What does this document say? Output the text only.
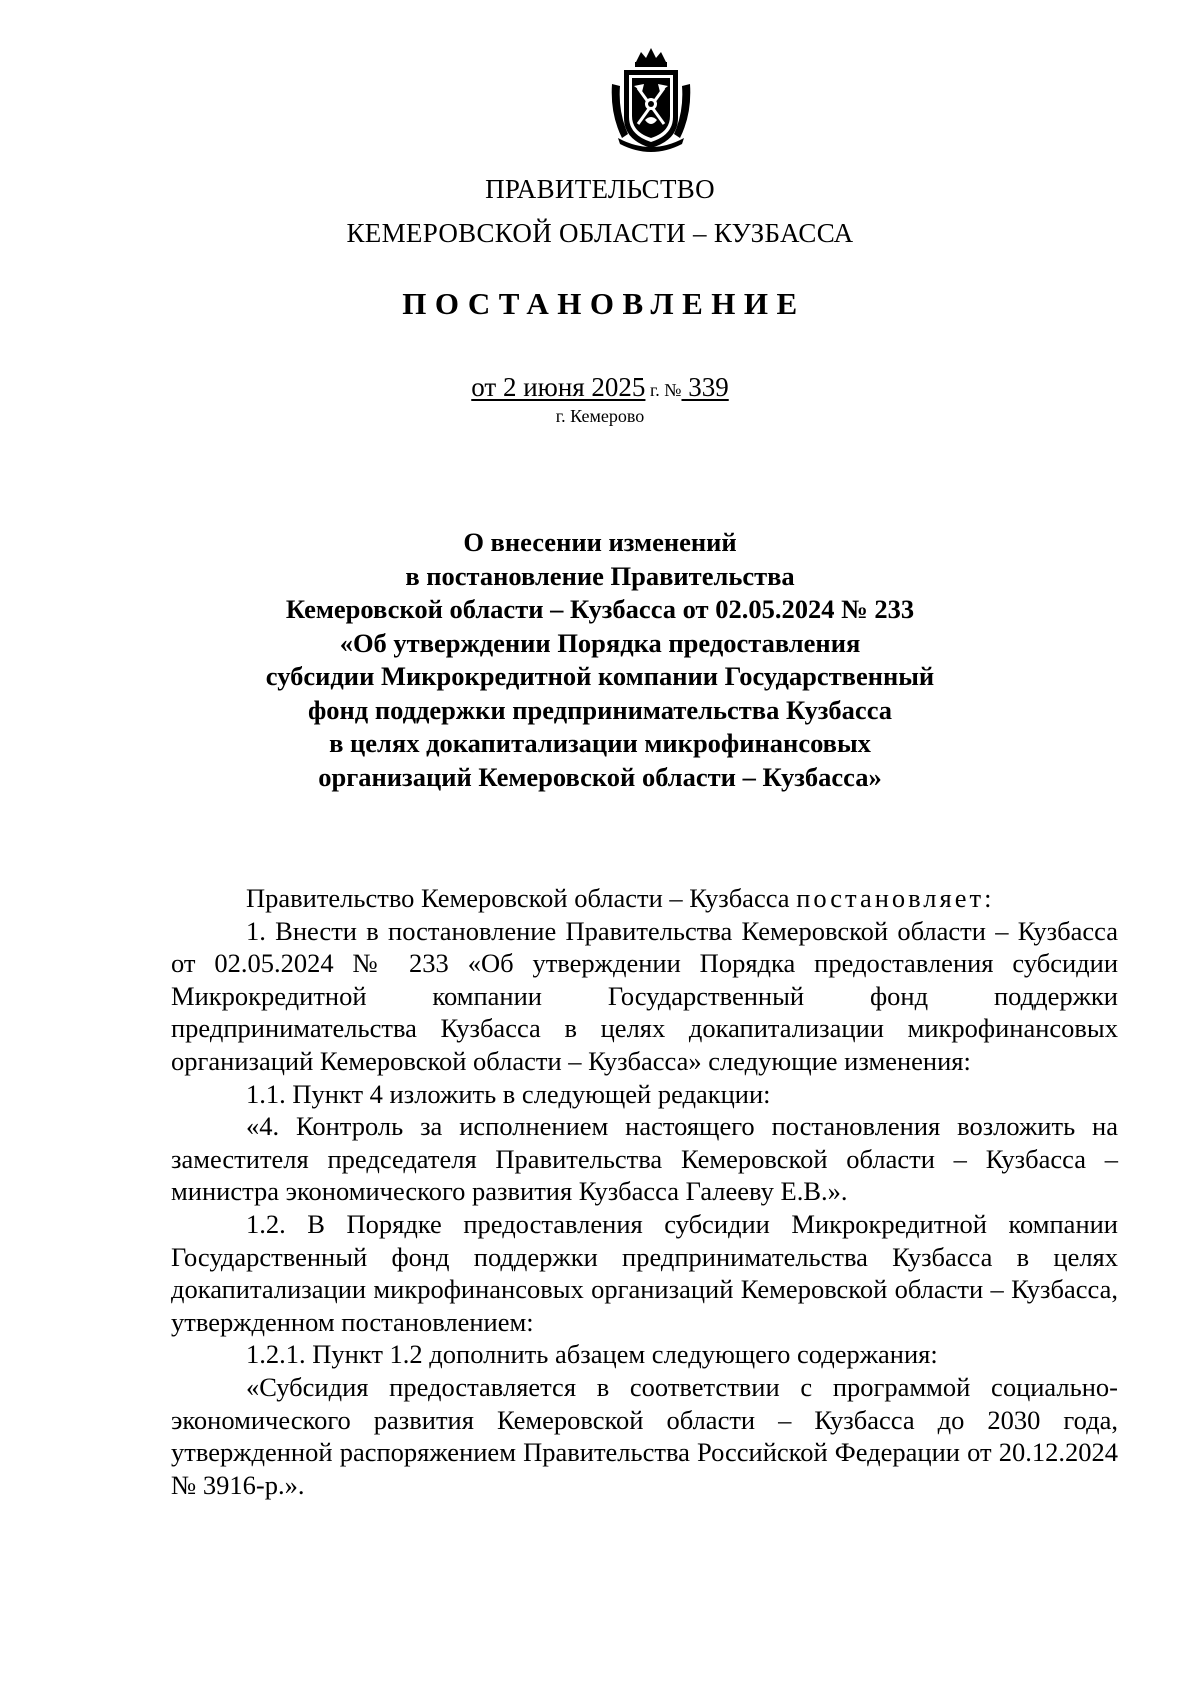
ПРАВИТЕЛЬСТВО
КЕМЕРОВСКОЙ ОБЛАСТИ – КУЗБАССА
ПОСТАНОВЛЕНИЕ
от 2 июня 2025 г. № 339
г. Кемерово
О внесении изменений
в постановление Правительства
Кемеровской области – Кузбасса от 02.05.2024 № 233
«Об утверждении Порядка предоставления
субсидии Микрокредитной компании Государственный
фонд поддержки предпринимательства Кузбасса
в целях докапитализации микрофинансовых
организаций Кемеровской области – Кузбасса»

Правительство Кемеровской области – Кузбасса постановляет:

1. Внести в постановление Правительства Кемеровской области – Кузбасса от 02.05.2024 № 233 «Об утверждении Порядка предоставления субсидии Микрокредитной компании Государственный фонд поддержки предпринимательства Кузбасса в целях докапитализации микрофинансовых организаций Кемеровской области – Кузбасса» следующие изменения:

1.1. Пункт 4 изложить в следующей редакции:

«4. Контроль за исполнением настоящего постановления возложить на заместителя председателя Правительства Кемеровской области – Кузбасса – министра экономического развития Кузбасса Галееву Е.В.».

1.2. В Порядке предоставления субсидии Микрокредитной компании Государственный фонд поддержки предпринимательства Кузбасса в целях докапитализации микрофинансовых организаций Кемеровской области – Кузбасса, утвержденном постановлением:

1.2.1. Пункт 1.2 дополнить абзацем следующего содержания:

«Субсидия предоставляется в соответствии с программой социально-экономического развития Кемеровской области – Кузбасса до 2030 года, утвержденной распоряжением Правительства Российской Федерации от 20.12.2024 № 3916-р.».
